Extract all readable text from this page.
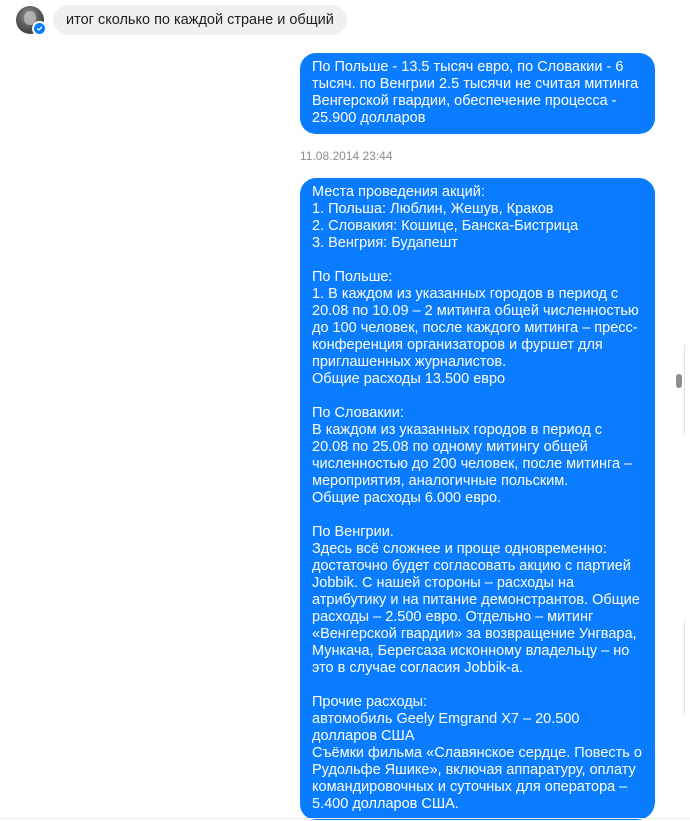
итог сколько по каждой стране и общий
По Польше - 13.5 тысяч евро, по Словакии - 6 тысяч. по Венгрии 2.5 тысячи не считая митинга Венгерской гвардии, обеспечение процесса - 25.900 долларов
11.08.2014 23:44
Места проведения акций:
1. Польша: Люблин, Жешув, Краков
2. Словакия: Кошице, Банска-Бистрица
3. Венгрия: Будапешт

По Польше:
1. В каждом из указанных городов в период с 20.08 по 10.09 – 2 митинга общей численностью до 100 человек, после каждого митинга – пресс-конференция организаторов и фуршет для приглашенных журналистов.
Общие расходы 13.500 евро

По Словакии:
В каждом из указанных городов в период с 20.08 по 25.08 по одному митингу общей численностью до 200 человек, после митинга – мероприятия, аналогичные польским.
Общие расходы 6.000 евро.

По Венгрии.
Здесь всё сложнее и проще одновременно: достаточно будет согласовать акцию с партией Jobbik. С нашей стороны – расходы на атрибутику и на питание демонстрантов. Общие расходы – 2.500 евро. Отдельно – митинг «Венгерской гвардии» за возвращение Унгвара, Мункача, Берегсаза исконному владельцу – но это в случае согласия Jobbik-а.

Прочие расходы:
автомобиль Geely Emgrand X7 – 20.500 долларов США
Съёмки фильма «Славянское сердце. Повесть о Рудольфе Яшике», включая аппаратуру, оплату командировочных и суточных для оператора – 5.400 долларов США.
